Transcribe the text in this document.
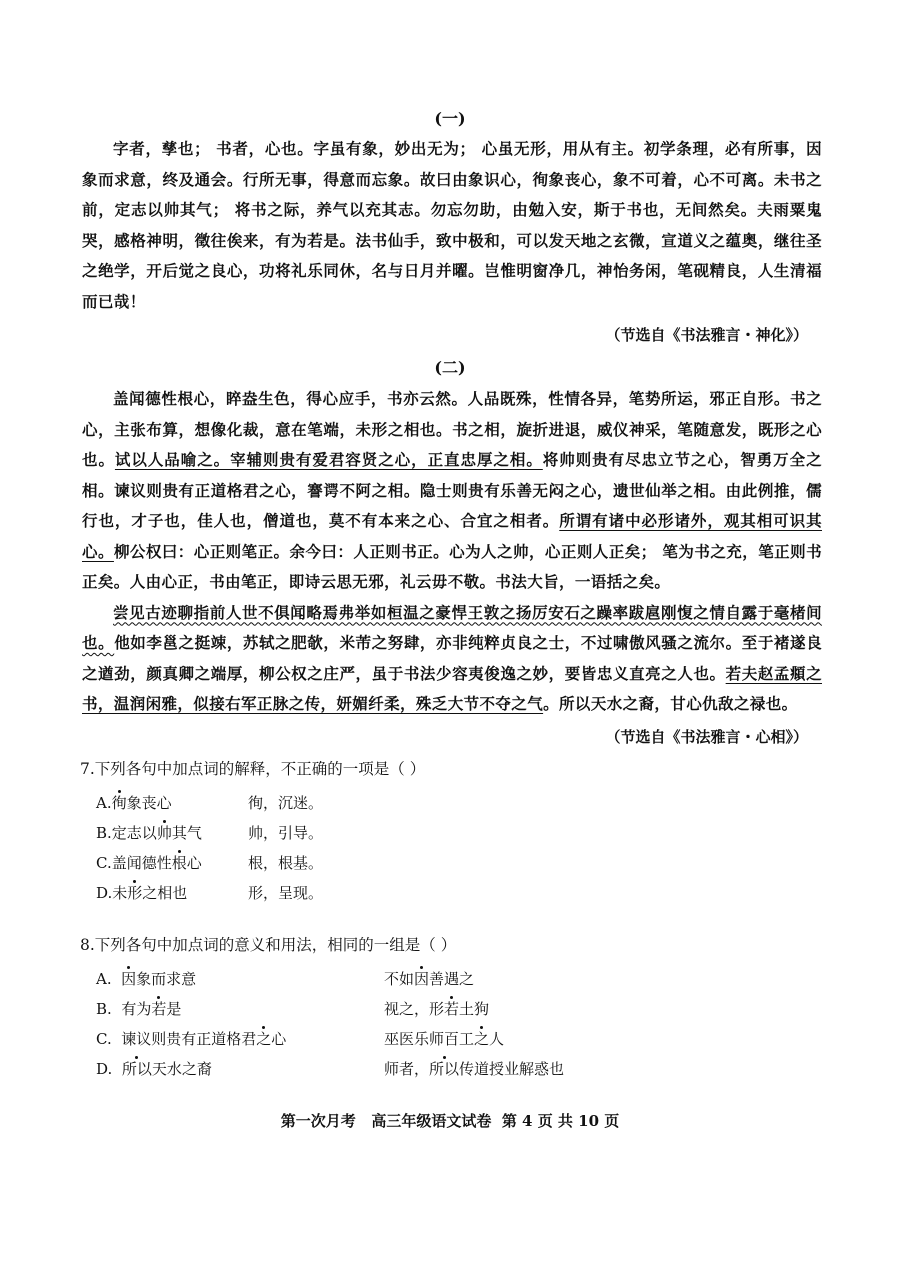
(一)

字者，孳也； 书者，心也。字虽有象，妙出无为； 心虽无形，用从有主。初学条理，必有所事，因象而求意，终及通会。行所无事，得意而忘象。故曰由象识心，徇象丧心，象不可着，心不可离。未书之前，定志以帅其气； 将书之际，养气以充其志。勿忘勿助，由勉入安，斯于书也，无间然矣。夫雨粟鬼哭，感格神明，徵往俟来，有为若是。法书仙手，致中极和，可以发天地之玄微，宣道义之蕴奥，继往圣之绝学，开后觉之良心，功将礼乐同休，名与日月并曜。岂惟明窗净几，神怡务闲，笔砚精良，人生清福而已哉！

（节选自《书法雅言・神化》）
(二)

盖闻德性根心，睟盎生色，得心应手，书亦云然。人品既殊，性情各异，笔势所运，邪正自形。书之心，主张布算，想像化裁，意在笔端，未形之相也。书之相，旋折进退，威仪神采，笔随意发，既形之心也。试以人品喻之。宰辅则贵有爱君容贤之心，正直忠厚之相。将帅则贵有尽忠立节之心，智勇万全之相。谏议则贵有正道格君之心，謇谔不阿之相。隐士则贵有乐善无闷之心，遗世仙举之相。由此例推，儒行也，才子也，佳人也，僧道也，莫不有本来之心、合宜之相者。所谓有诸中必形诸外，观其相可识其心。柳公权曰：心正则笔正。余今曰：人正则书正。心为人之帅，心正则人正矣； 笔为书之充，笔正则书正矣。人由心正，书由笔正，即诗云思无邪，礼云毋不敬。书法大旨，一语括之矣。

尝见古迹聊指前人世不俱闻略焉弗举如桓温之豪悍王敦之扬厉安石之躁率跋扈刚愎之情自露于毫楮间也。他如李邕之挺竦，苏轼之肥欹，米芾之努肆，亦非纯粹贞良之士，不过啸傲风骚之流尔。至于褚遂良之遒劲，颜真卿之端厚，柳公权之庄严，虽于书法少容夷俊逸之妙，要皆忠义直亮之人也。若夫赵孟頫之书，温润闲雅，似接右军正脉之传，妍媚纤柔，殊乏大节不夺之气。所以天水之裔，甘心仇敌之禄也。

（节选自《书法雅言・心相》）
7.下列各句中加点词的解释，不正确的一项是（ ）
A.徇象丧心	徇，沉迷。
B.定志以帅其气	帅，引导。
C.盖闻德性根心	根，根基。
D.未形之相也	形，呈现。
8.下列各句中加点词的意义和用法，相同的一组是（ ）
A. 因象而求意	不如因善遇之
B. 有为若是	视之，形若土狗
C. 谏议则贵有正道格君之心	巫医乐师百工之人
D. 所以天水之裔	师者，所以传道授业解惑也
第一次月考   高三年级语文试卷  第 4 页 共 10 页
